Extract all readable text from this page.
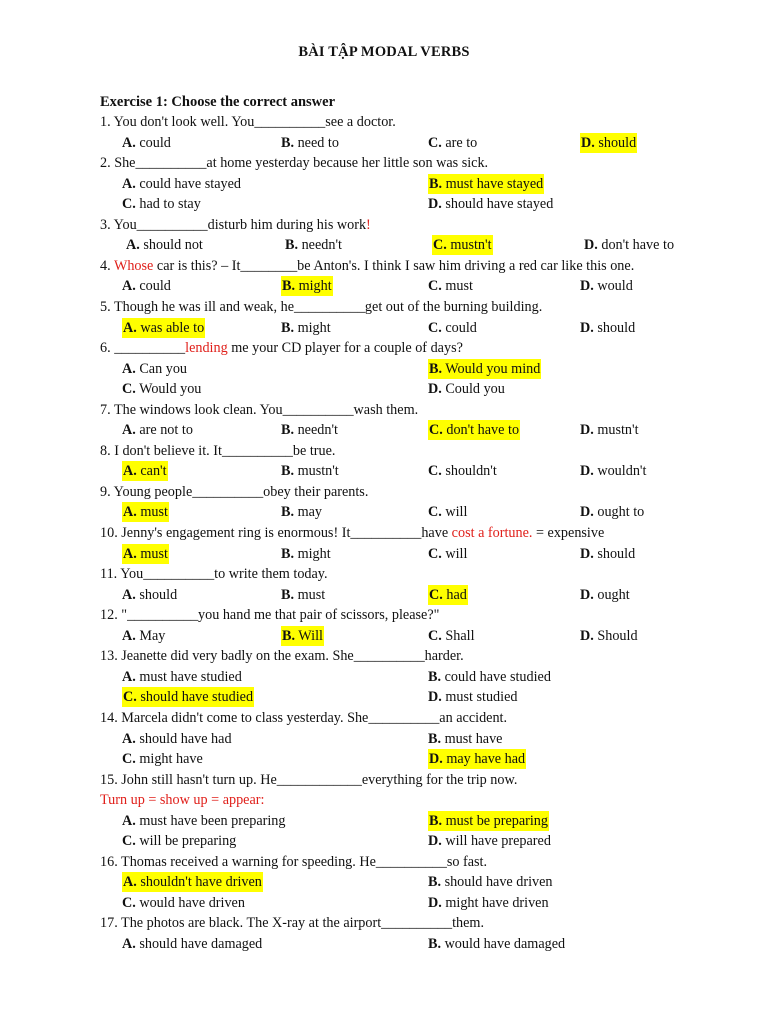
BÀI TẬP MODAL VERBS
Exercise 1: Choose the correct answer
1. You don't look well. You__________see a doctor.
A. could	B. need to	C. are to	D. should
2. She__________at home yesterday because her little son was sick.
A. could have stayed	B. must have stayed
C. had to stay	D. should have stayed
3. You__________disturb him during his work!
A. should not	B. needn't	C. mustn't	D. don't have to
4. Whose car is this? – It________be Anton's. I think I saw him driving a red car like this one.
A. could	B. might	C. must	D. would
5. Though he was ill and weak, he__________get out of the burning building.
A. was able to	B. might	C. could	D. should
6. __________lending me your CD player for a couple of days?
A. Can you	B. Would you mind
C. Would you	D. Could you
7. The windows look clean. You__________wash them.
A. are not to	B. needn't	C. don't have to	D. mustn't
8. I don't believe it. It__________be true.
A. can't	B. mustn't	C. shouldn't	D. wouldn't
9. Young people__________obey their parents.
A. must	B. may	C. will	D. ought to
10. Jenny's engagement ring is enormous! It__________have cost a fortune. = expensive
A. must	B. might	C. will	D. should
11. You__________to write them today.
A. should	B. must	C. had	D. ought
12. "__________you hand me that pair of scissors, please?"
A. May	B. Will	C. Shall	D. Should
13. Jeanette did very badly on the exam. She__________harder.
A. must have studied	B. could have studied
C. should have studied	D. must studied
14. Marcela didn't come to class yesterday. She__________an accident.
A. should have had	B. must have
C. might have	D. may have had
15. John still hasn't turn up. He____________everything for the trip now.
Turn up = show up = appear:
A. must have been preparing	B. must be preparing
C. will be preparing	D. will have prepared
16. Thomas received a warning for speeding. He__________so fast.
A. shouldn't have driven	B. should have driven
C. would have driven	D. might have driven
17. The photos are black. The X-ray at the airport__________them.
A. should have damaged	B. would have damaged
